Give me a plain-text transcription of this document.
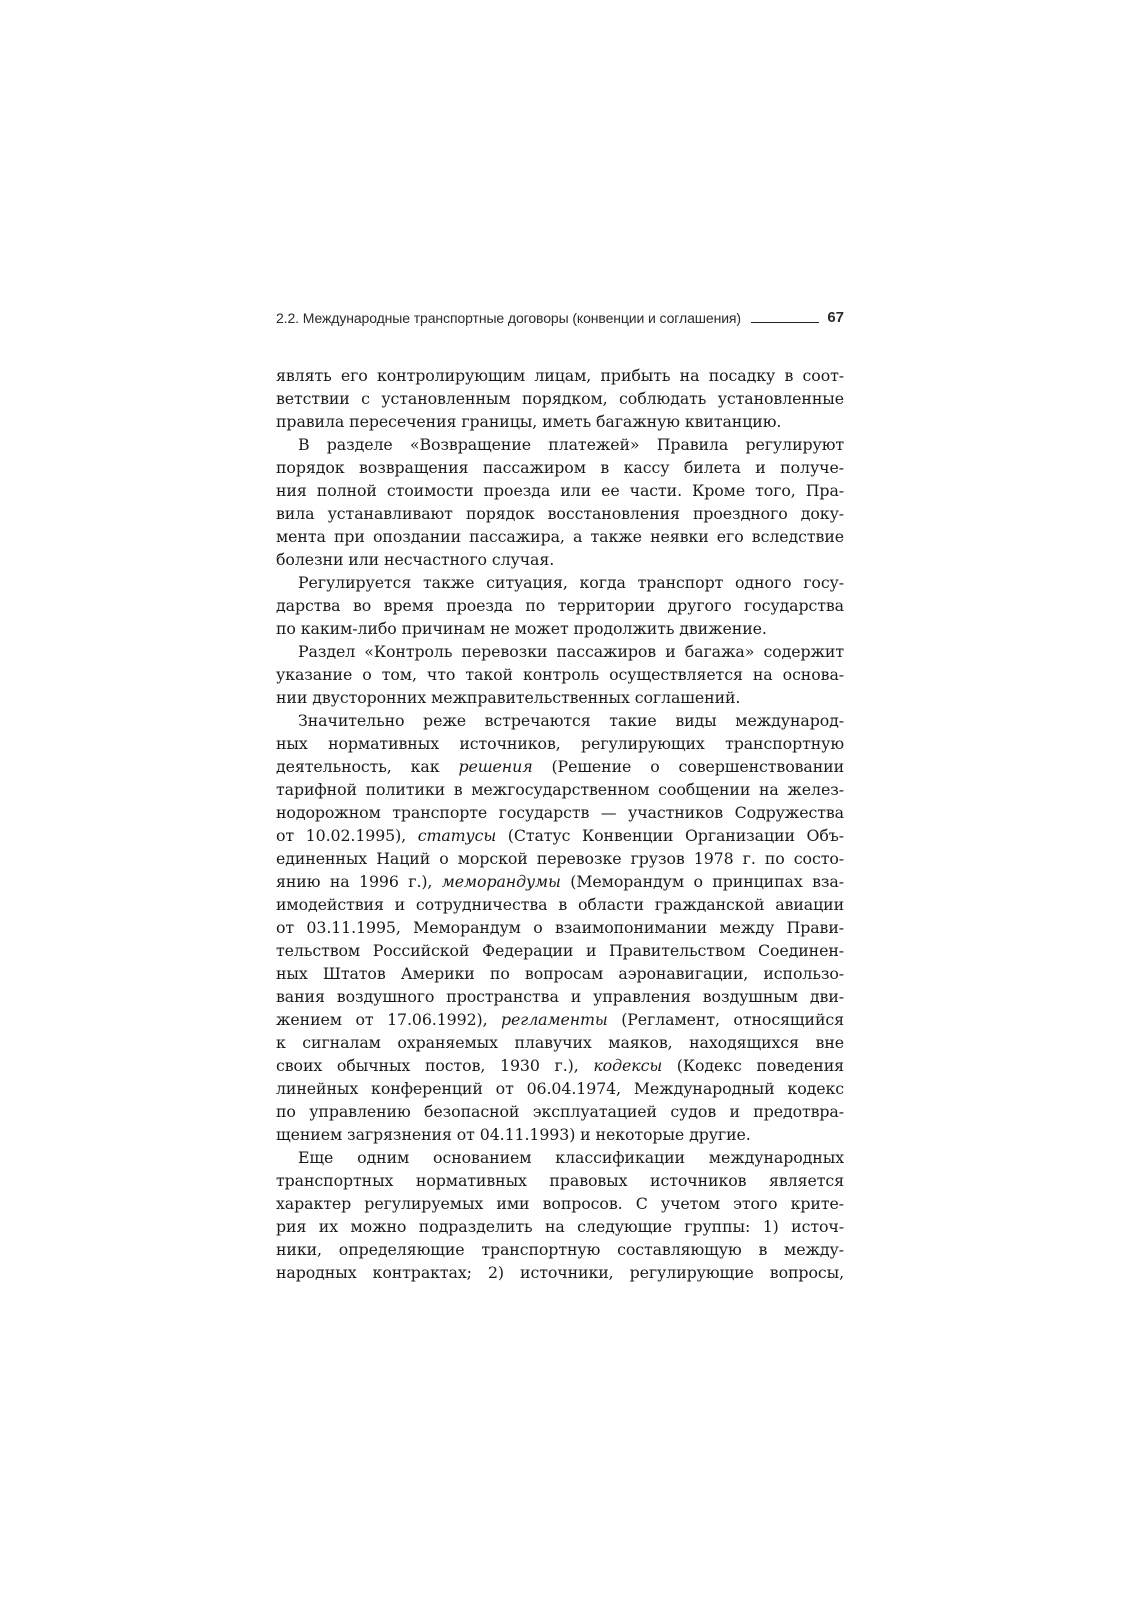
2.2. Международные транспортные договоры (конвенции и соглашения)	67
являть его контролирующим лицам, прибыть на посадку в соот-
ветствии с установленным порядком, соблюдать установленные
правила пересечения границы, иметь багажную квитанцию.
В разделе «Возвращение платежей» Правила регулируют
порядок возвращения пассажиром в кассу билета и получе-
ния полной стоимости проезда или ее части. Кроме того, Пра-
вила устанавливают порядок восстановления проездного доку-
мента при опоздании пассажира, а также неявки его вследствие
болезни или несчастного случая.
Регулируется также ситуация, когда транспорт одного госу-
дарства во время проезда по территории другого государства
по каким-либо причинам не может продолжить движение.
Раздел «Контроль перевозки пассажиров и багажа» содержит
указание о том, что такой контроль осуществляется на основа-
нии двусторонних межправительственных соглашений.
Значительно реже встречаются такие виды международ-
ных нормативных источников, регулирующих транспортную
деятельность, как решения (Решение о совершенствовании
тарифной политики в межгосударственном сообщении на желез-
нодорожном транспорте государств — участников Содружества
от 10.02.1995), статусы (Статус Конвенции Организации Объ-
единенных Наций о морской перевозке грузов 1978 г. по состо-
янию на 1996 г.), меморандумы (Меморандум о принципах вза-
имодействия и сотрудничества в области гражданской авиации
от 03.11.1995, Меморандум о взаимопонимании между Прави-
тельством Российской Федерации и Правительством Соединен-
ных Штатов Америки по вопросам аэронавигации, использо-
вания воздушного пространства и управления воздушным дви-
жением от 17.06.1992), регламенты (Регламент, относящийся
к сигналам охраняемых плавучих маяков, находящихся вне
своих обычных постов, 1930 г.), кодексы (Кодекс поведения
линейных конференций от 06.04.1974, Международный кодекс
по управлению безопасной эксплуатацией судов и предотвра-
щением загрязнения от 04.11.1993) и некоторые другие.
Еще одним основанием классификации международных
транспортных нормативных правовых источников является
характер регулируемых ими вопросов. С учетом этого крите-
рия их можно подразделить на следующие группы: 1) источ-
ники, определяющие транспортную составляющую в между-
народных контрактах; 2) источники, регулирующие вопросы,
